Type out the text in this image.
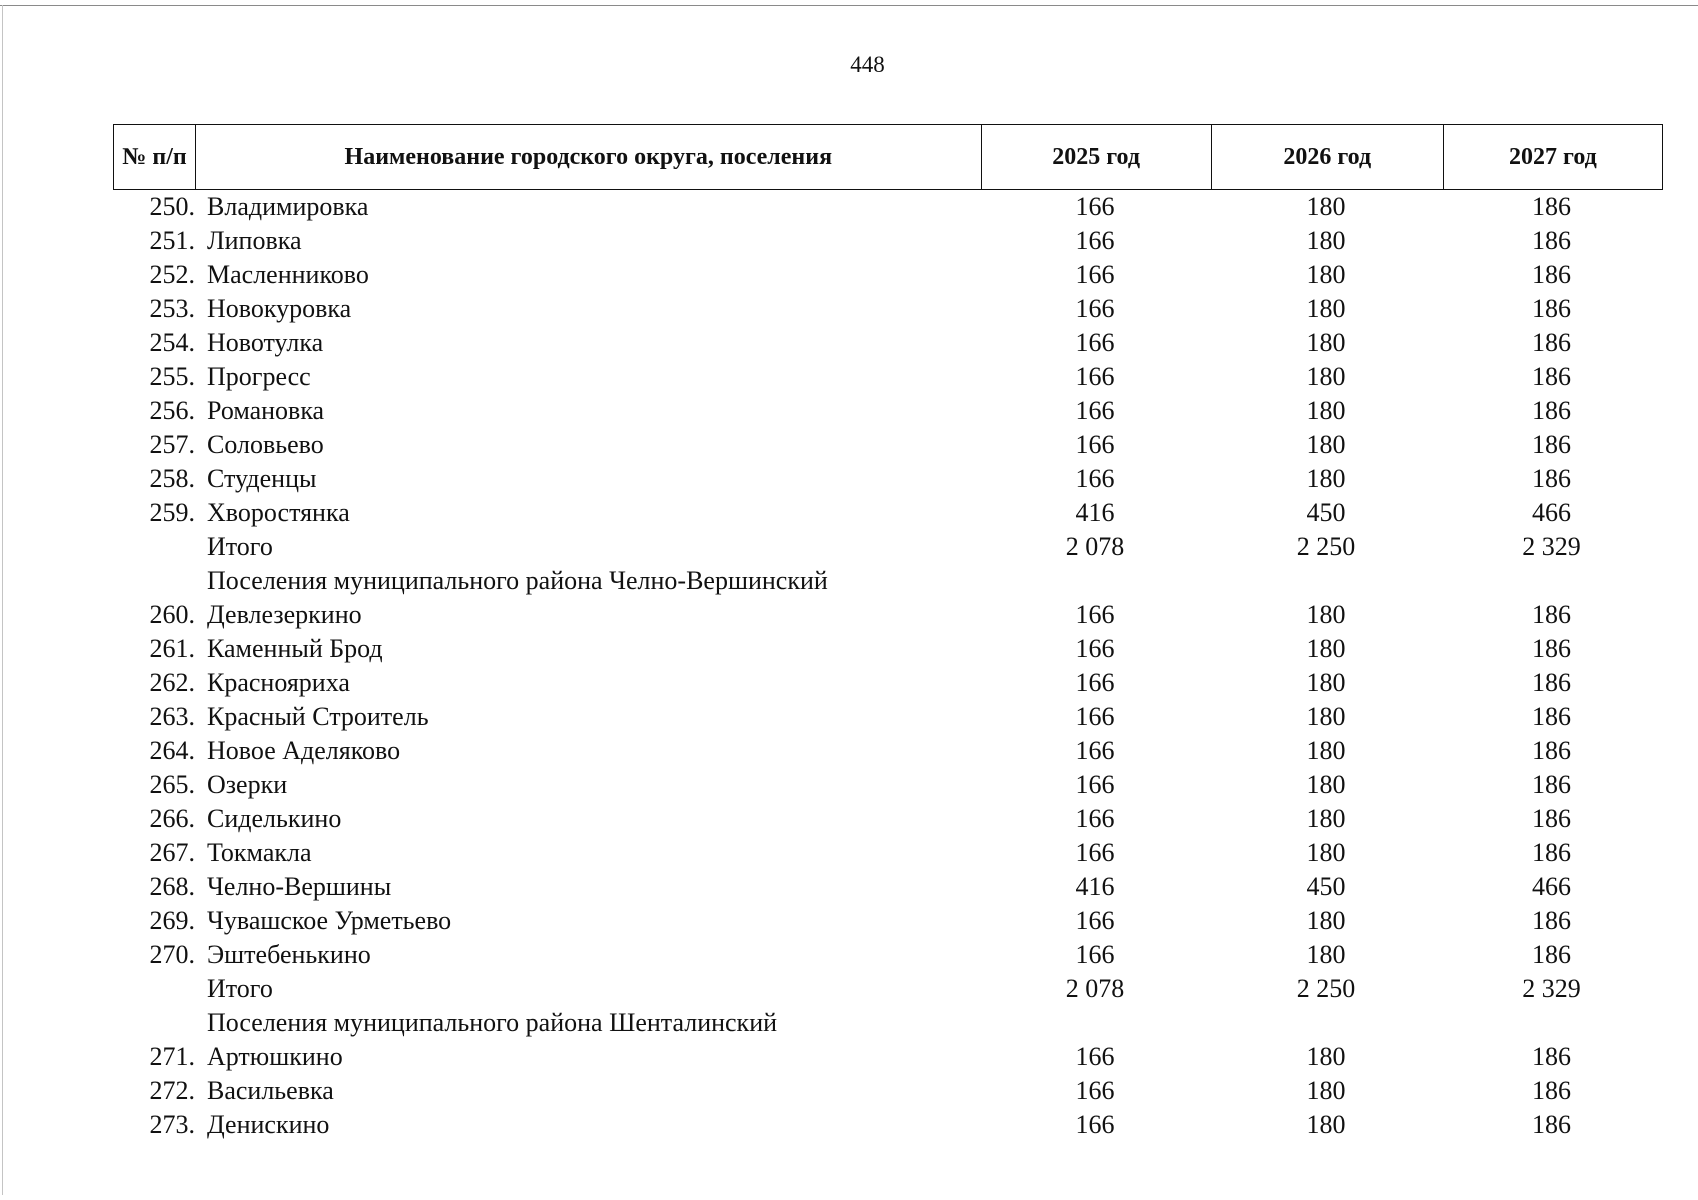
448
№ п/п	Наименование городского округа, поселения	2025 год	2026 год	2027 год
250. Владимировка	166	180	186
251. Липовка	166	180	186
252. Масленниково	166	180	186
253. Новокуровка	166	180	186
254. Новотулка	166	180	186
255. Прогресс	166	180	186
256. Романовка	166	180	186
257. Соловьево	166	180	186
258. Студенцы	166	180	186
259. Хворостянка	416	450	466
Итого	2 078	2 250	2 329
Поселения муниципального района Челно-Вершинский
260. Девлезеркино	166	180	186
261. Каменный Брод	166	180	186
262. Краснояриха	166	180	186
263. Красный Строитель	166	180	186
264. Новое Аделяково	166	180	186
265. Озерки	166	180	186
266. Сиделькино	166	180	186
267. Токмакла	166	180	186
268. Челно-Вершины	416	450	466
269. Чувашское Урметьево	166	180	186
270. Эштебенькино	166	180	186
Итого	2 078	2 250	2 329
Поселения муниципального района Шенталинский
271. Артюшкино	166	180	186
272. Васильевка	166	180	186
273. Денискино	166	180	186
